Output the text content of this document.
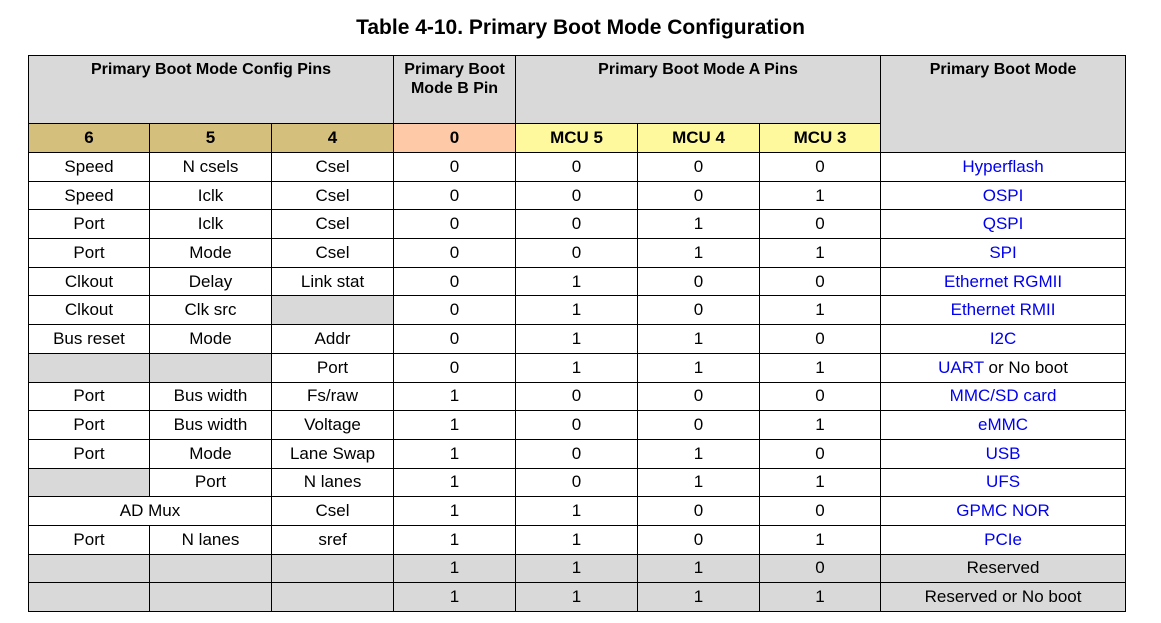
Table 4-10. Primary Boot Mode Configuration
Primary Boot Mode Config Pins			Primary Boot Mode B Pin	Primary Boot Mode A Pins			Primary Boot Mode
6	5	4	0	MCU 5	MCU 4	MCU 3	
Speed	N csels	Csel	0	0	0	0	Hyperflash
Speed	Iclk	Csel	0	0	0	1	OSPI
Port	Iclk	Csel	0	0	1	0	QSPI
Port	Mode	Csel	0	0	1	1	SPI
Clkout	Delay	Link stat	0	1	0	0	Ethernet RGMII
Clkout	Clk src		0	1	0	1	Ethernet RMII
Bus reset	Mode	Addr	0	1	1	0	I2C
		Port	0	1	1	1	UART or No boot
Port	Bus width	Fs/raw	1	0	0	0	MMC/SD card
Port	Bus width	Voltage	1	0	0	1	eMMC
Port	Mode	Lane Swap	1	0	1	0	USB
	Port	N lanes	1	0	1	1	UFS
AD Mux		Csel	1	1	0	0	GPMC NOR
Port	N lanes	sref	1	1	0	1	PCIe
			1	1	1	0	Reserved
			1	1	1	1	Reserved or No boot
